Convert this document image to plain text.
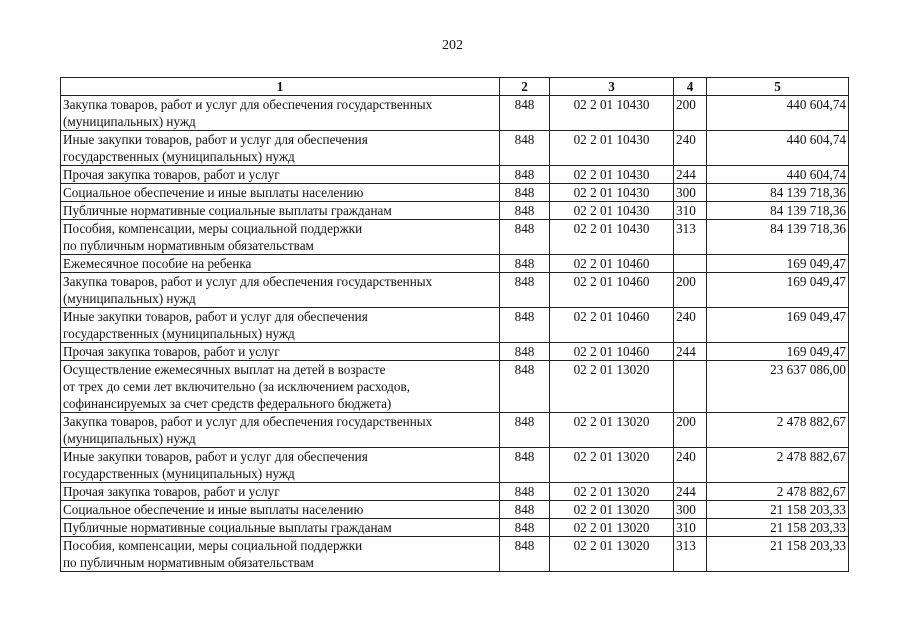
202
1	2	3	4	5
Закупка товаров, работ и услуг для обеспечения государственных
(муниципальных) нужд	848	02 2 01 10430	200	440 604,74
Иные закупки товаров, работ и услуг для обеспечения
государственных (муниципальных) нужд	848	02 2 01 10430	240	440 604,74
Прочая закупка товаров, работ и услуг	848	02 2 01 10430	244	440 604,74
Социальное обеспечение и иные выплаты населению	848	02 2 01 10430	300	84 139 718,36
Публичные нормативные социальные выплаты гражданам	848	02 2 01 10430	310	84 139 718,36
Пособия, компенсации, меры социальной поддержки
по публичным нормативным обязательствам	848	02 2 01 10430	313	84 139 718,36
Ежемесячное пособие на ребенка	848	02 2 01 10460		169 049,47
Закупка товаров, работ и услуг для обеспечения государственных
(муниципальных) нужд	848	02 2 01 10460	200	169 049,47
Иные закупки товаров, работ и услуг для обеспечения
государственных (муниципальных) нужд	848	02 2 01 10460	240	169 049,47
Прочая закупка товаров, работ и услуг	848	02 2 01 10460	244	169 049,47
Осуществление ежемесячных выплат на детей в возрасте
от трех до семи лет включительно (за исключением расходов,
софинансируемых за счет средств федерального бюджета)	848	02 2 01 13020		23 637 086,00
Закупка товаров, работ и услуг для обеспечения государственных
(муниципальных) нужд	848	02 2 01 13020	200	2 478 882,67
Иные закупки товаров, работ и услуг для обеспечения
государственных (муниципальных) нужд	848	02 2 01 13020	240	2 478 882,67
Прочая закупка товаров, работ и услуг	848	02 2 01 13020	244	2 478 882,67
Социальное обеспечение и иные выплаты населению	848	02 2 01 13020	300	21 158 203,33
Публичные нормативные социальные выплаты гражданам	848	02 2 01 13020	310	21 158 203,33
Пособия, компенсации, меры социальной поддержки
по публичным нормативным обязательствам	848	02 2 01 13020	313	21 158 203,33
